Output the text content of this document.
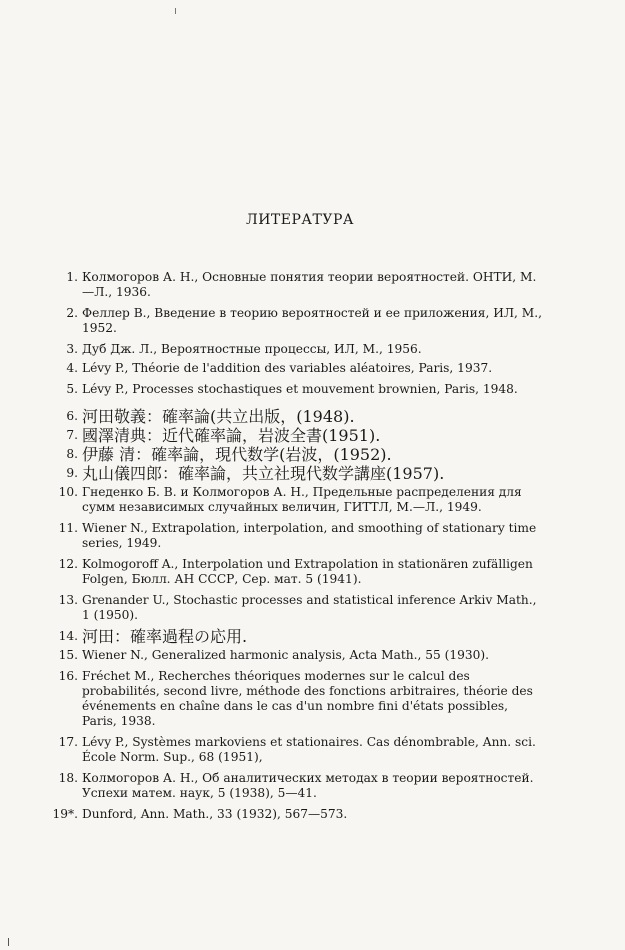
ЛИТЕРАТУРА
1. Колмогоров А. Н., Основные понятия теории вероятностей. ОНТИ, М.—Л., 1936.
2. Феллер В., Введение в теорию вероятностей и ее приложения, ИЛ, М., 1952.
3. Дуб Дж. Л., Вероятностные процессы, ИЛ, М., 1956.
4. Lévy P., Théorie de l'addition des variables aléatoires, Paris, 1937.
5. Lévy P., Processes stochastiques et mouvement brownien, Paris, 1948.
6. 河田敬義：確率論(共立出版，(1948).
7. 國澤清典：近代確率論，岩波全書(1951).
8. 伊藤 清：確率論，現代数学(岩波，(1952).
9. 丸山儀四郎：確率論，共立社現代数学講座(1957).
10. Гнеденко Б. В. и Колмогоров А. Н., Предельные распределения для сумм независимых случайных величин, ГИТТЛ, М.—Л., 1949.
11. Wiener N., Extrapolation, interpolation, and smoothing of stationary time series, 1949.
12. Kolmogoroff A., Interpolation und Extrapolation in stationären zufälligen Folgen, Бюлл. АН СССР, Сер. мат. 5 (1941).
13. Grenander U., Stochastic processes and statistical inference Arkiv Math., 1 (1950).
14. 河田：確率過程の応用.
15. Wiener N., Generalized harmonic analysis, Acta Math., 55 (1930).
16. Fréchet M., Recherches théoriques modernes sur le calcul des probabilités, second livre, méthode des fonctions arbitraires, théorie des événements en chaîne dans le cas d'un nombre fini d'états possibles, Paris, 1938.
17. Lévy P., Systèmes markoviens et stationaires. Cas dénombrable, Ann. sci. École Norm. Sup., 68 (1951),
18. Колмогоров А. Н., Об аналитических методах в теории вероятностей. Успехи матем. наук, 5 (1938), 5—41.
19*. Dunford, Ann. Math., 33 (1932), 567—573.
